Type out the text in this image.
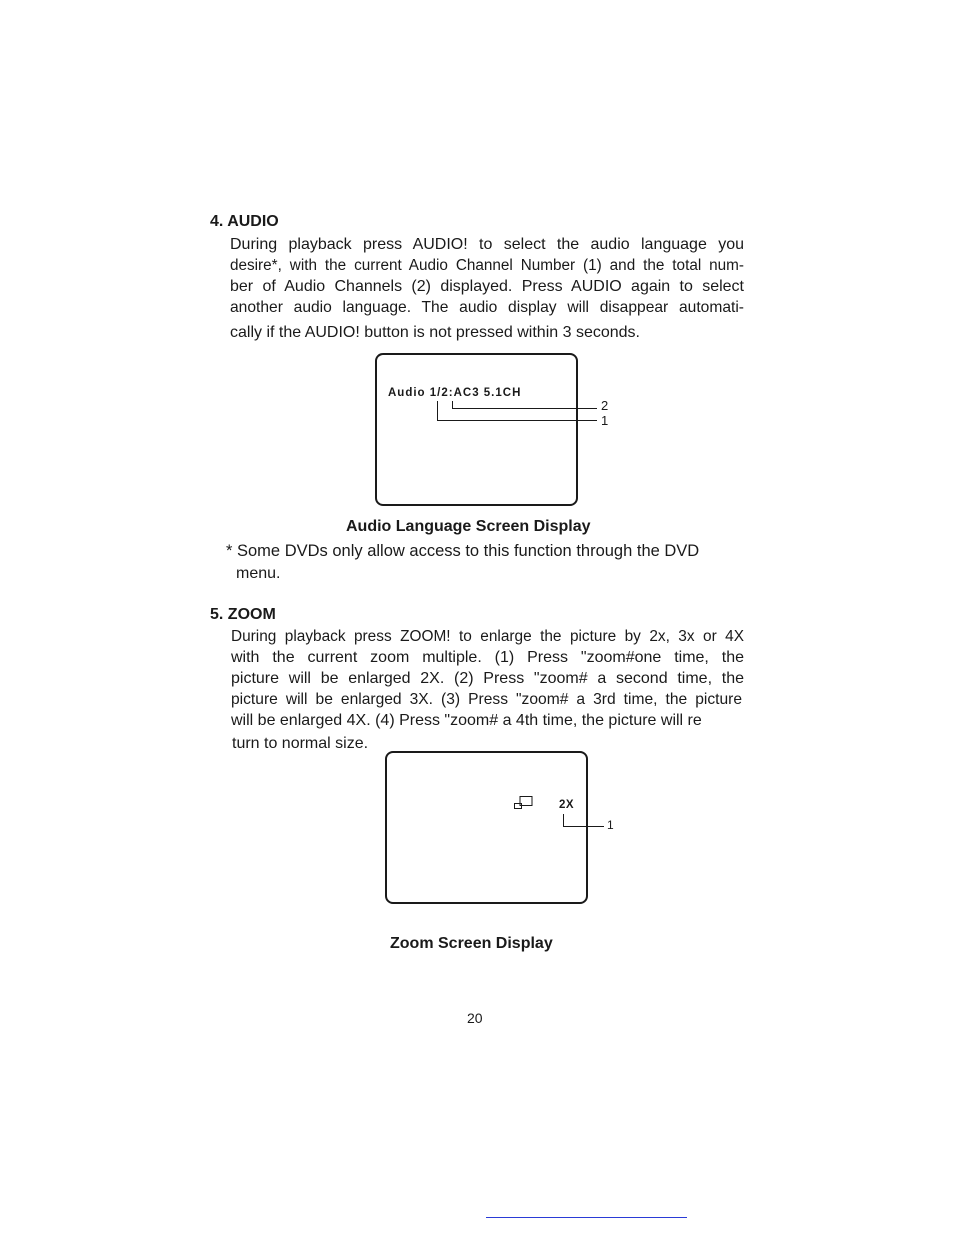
4. AUDIO
During playback press AUDIO! to select the audio language you
desire*, with the current Audio Channel Number (1) and the total num-
ber of Audio Channels (2) displayed. Press AUDIO again to select
another audio language. The audio display will disappear automati-
cally if the AUDIO! button is not pressed within 3 seconds.
Audio 1/2:AC3 5.1CH
2
1
Audio Language Screen Display
* Some DVDs only allow access to this function through the DVD
menu.
5. ZOOM
During playback press ZOOM! to enlarge the picture by 2x, 3x or 4X
with the current zoom multiple. (1) Press "zoom#one time, the
picture will be enlarged 2X. (2) Press "zoom# a second time, the
picture will be enlarged 3X. (3) Press "zoom# a 3rd time, the picture
will be enlarged 4X. (4) Press "zoom# a 4th time, the picture will re
turn to normal size.
2X
1
Zoom Screen Display
20
